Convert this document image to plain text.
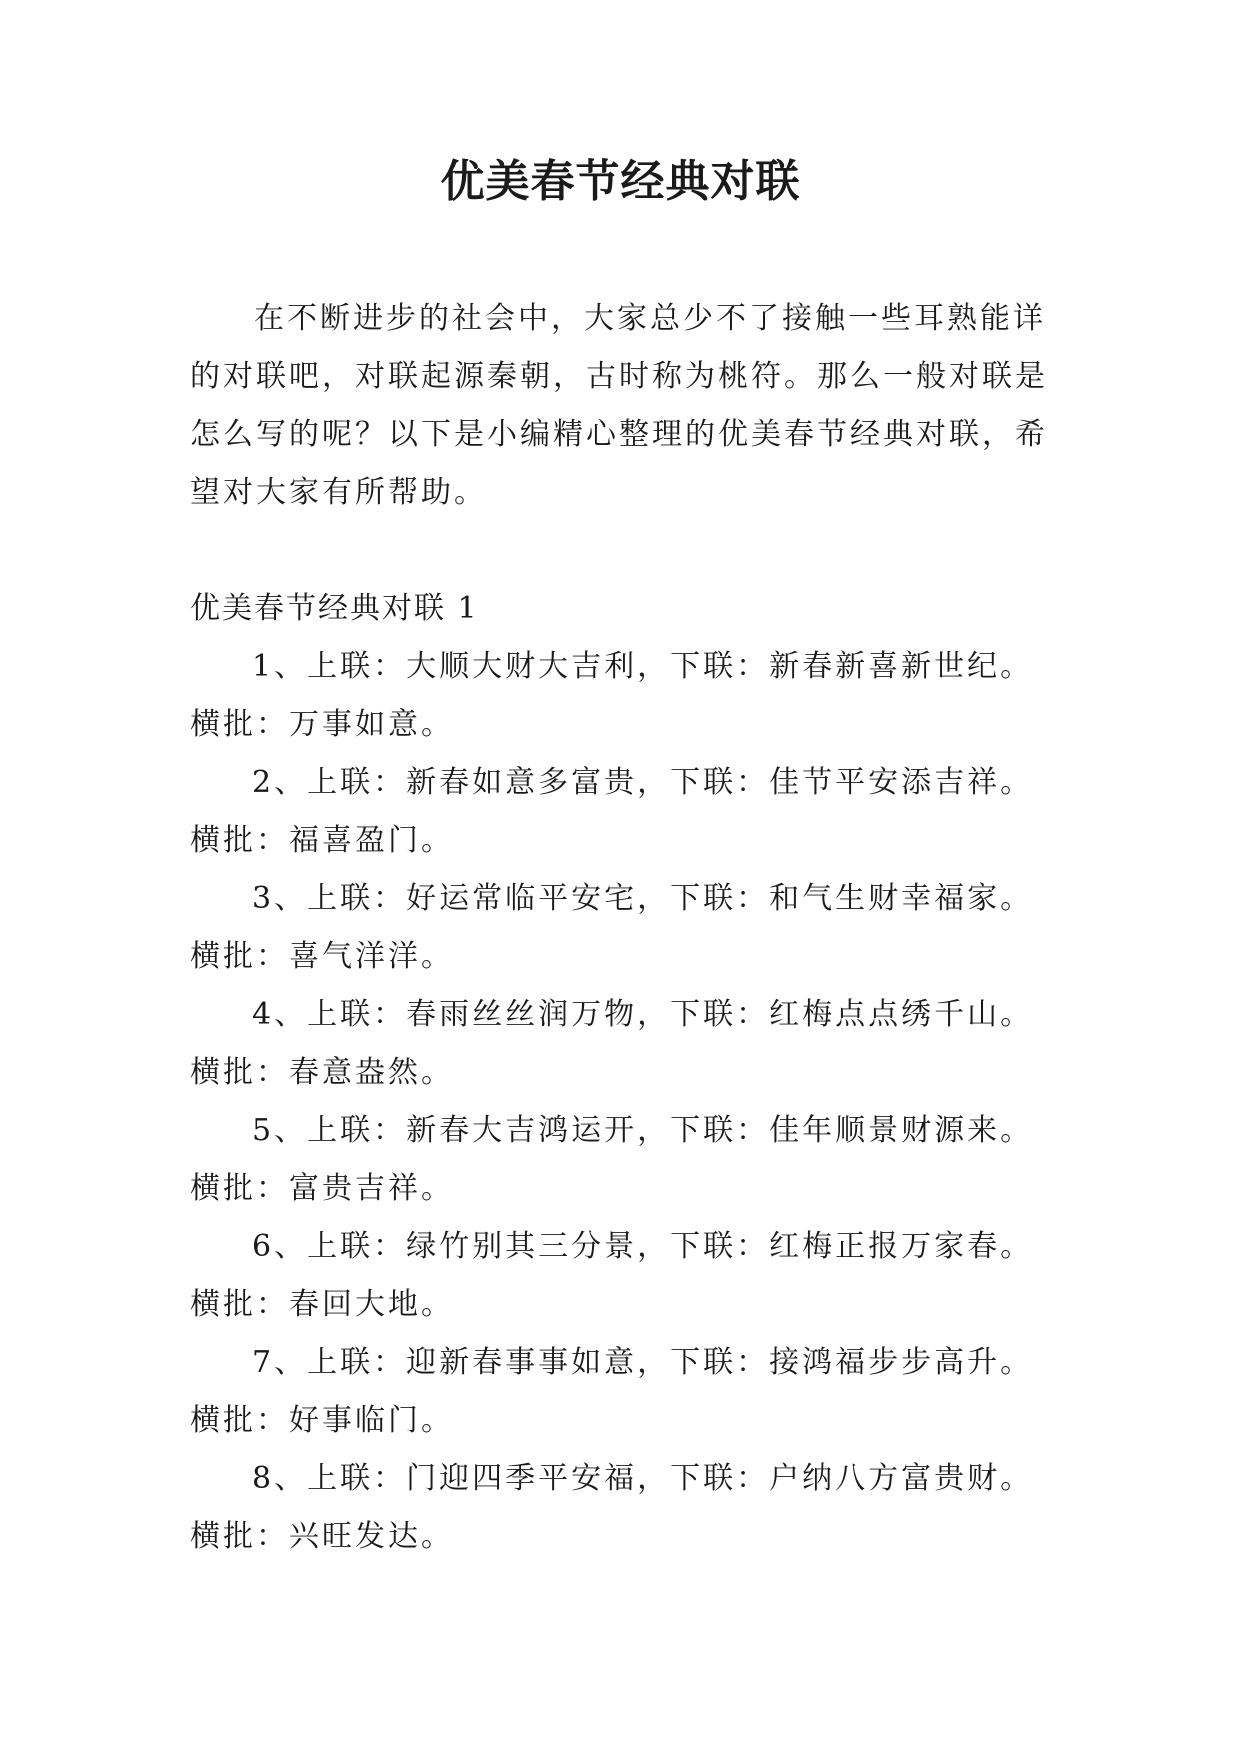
优美春节经典对联

在不断进步的社会中，大家总少不了接触一些耳熟能详的对联吧，对联起源秦朝，古时称为桃符。那么一般对联是怎么写的呢？以下是小编精心整理的优美春节经典对联，希望对大家有所帮助。

优美春节经典对联 1

1、上联：大顺大财大吉利，下联：新春新喜新世纪。
横批：万事如意。
2、上联：新春如意多富贵，下联：佳节平安添吉祥。
横批：福喜盈门。
3、上联：好运常临平安宅，下联：和气生财幸福家。
横批：喜气洋洋。
4、上联：春雨丝丝润万物，下联：红梅点点绣千山。
横批：春意盎然。
5、上联：新春大吉鸿运开，下联：佳年顺景财源来。
横批：富贵吉祥。
6、上联：绿竹别其三分景，下联：红梅正报万家春。
横批：春回大地。
7、上联：迎新春事事如意，下联：接鸿福步步高升。
横批：好事临门。
8、上联：门迎四季平安福，下联：户纳八方富贵财。
横批：兴旺发达。
